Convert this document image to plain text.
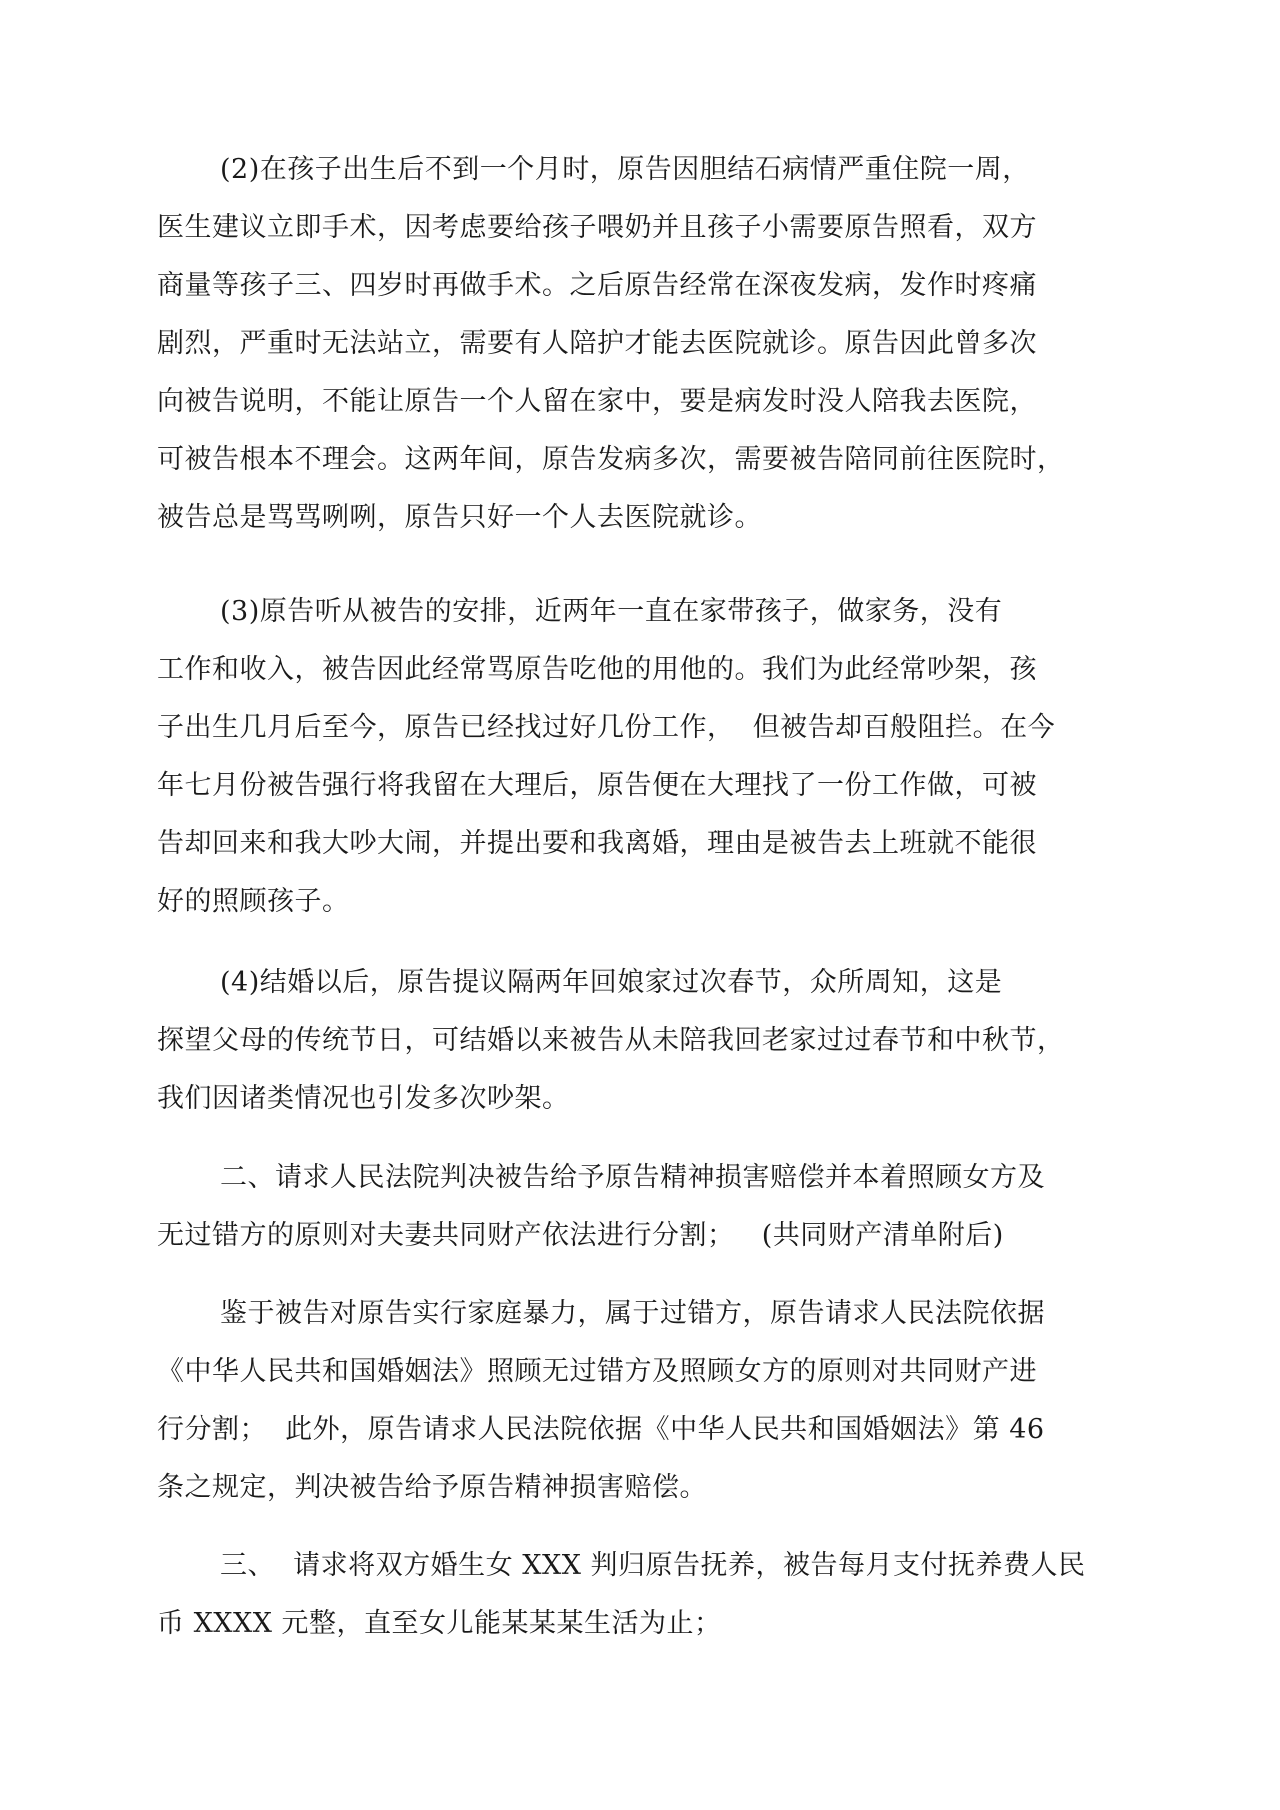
(2)在孩子出生后不到一个月时，原告因胆结石病情严重住院一周，
医生建议立即手术，因考虑要给孩子喂奶并且孩子小需要原告照看，双方
商量等孩子三、四岁时再做手术。之后原告经常在深夜发病，发作时疼痛
剧烈，严重时无法站立，需要有人陪护才能去医院就诊。原告因此曾多次
向被告说明，不能让原告一个人留在家中，要是病发时没人陪我去医院，
可被告根本不理会。这两年间，原告发病多次，需要被告陪同前往医院时，
被告总是骂骂咧咧，原告只好一个人去医院就诊。
(3)原告听从被告的安排，近两年一直在家带孩子，做家务，没有
工作和收入，被告因此经常骂原告吃他的用他的。我们为此经常吵架，孩
子出生几月后至今，原告已经找过好几份工作，  但被告却百般阻拦。在今
年七月份被告强行将我留在大理后，原告便在大理找了一份工作做，可被
告却回来和我大吵大闹，并提出要和我离婚，理由是被告去上班就不能很
好的照顾孩子。
(4)结婚以后，原告提议隔两年回娘家过次春节，众所周知，这是
探望父母的传统节日，可结婚以来被告从未陪我回老家过过春节和中秋节，
我们因诸类情况也引发多次吵架。
二、请求人民法院判决被告给予原告精神损害赔偿并本着照顾女方及
无过错方的原则对夫妻共同财产依法进行分割；   (共同财产清单附后)
鉴于被告对原告实行家庭暴力，属于过错方，原告请求人民法院依据
《中华人民共和国婚姻法》照顾无过错方及照顾女方的原则对共同财产进
行分割；  此外，原告请求人民法院依据《中华人民共和国婚姻法》第 46
条之规定，判决被告给予原告精神损害赔偿。
三、  请求将双方婚生女 XXX 判归原告抚养，被告每月支付抚养费人民
币 XXXX 元整，直至女儿能某某某生活为止；
